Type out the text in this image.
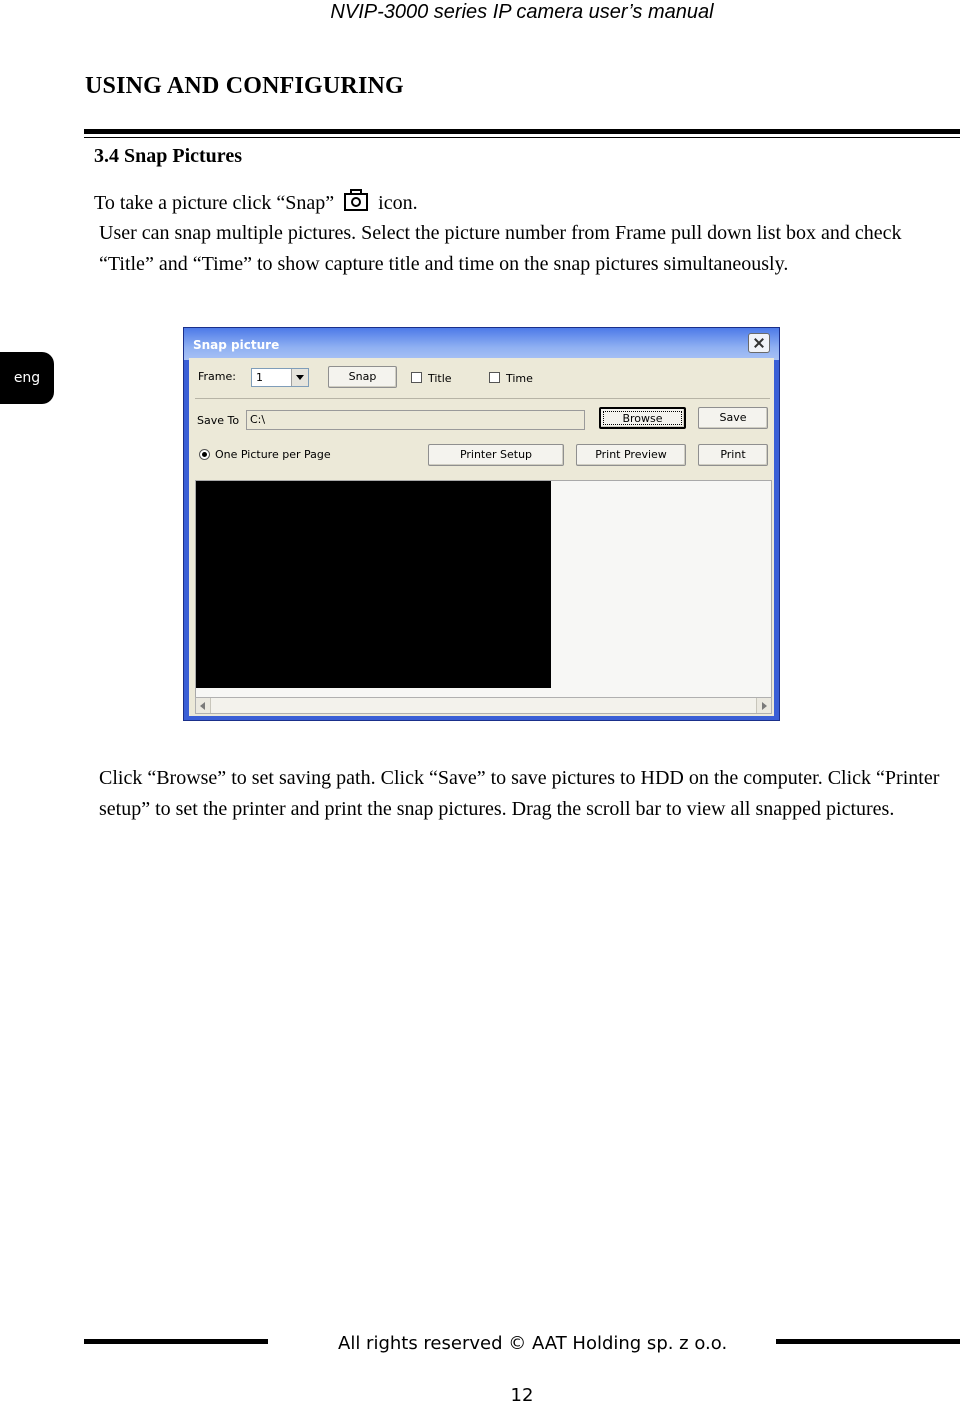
NVIP-3000 series IP camera user’s manual
USING AND CONFIGURING
eng
3.4 Snap Pictures
To take a picture click “Snap” icon.
User can snap multiple pictures. Select the picture number from Frame pull down list box and check “Title” and “Time” to show capture title and time on the snap pictures simultaneously.
Snap picture
Frame: 1	Snap	Title	Time
Save To C:\	Browse	Save
One Picture per Page	Printer Setup	Print Preview	Print
Click “Browse” to set saving path. Click “Save” to save pictures to HDD on the computer. Click “Printer setup” to set the printer and print the snap pictures. Drag the scroll bar to view all snapped pictures.
All rights reserved © AAT Holding sp. z o.o.
12
